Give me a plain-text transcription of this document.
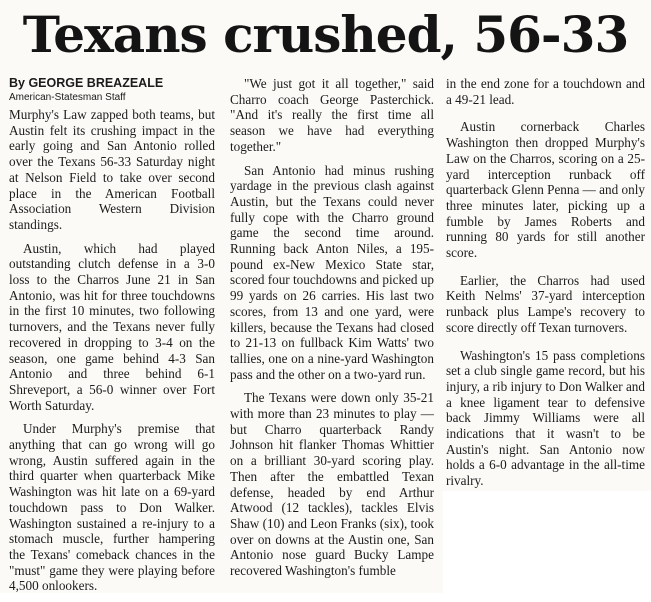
Texans crushed, 56-33

By GEORGE BREAZEALE

American-Statesman Staff

Murphy's Law zapped both teams, but Austin felt its crushing impact in the early going and San Antonio rolled over the Texans 56-33 Saturday night at Nelson Field to take over second place in the American Football Association Western Division standings.

Austin, which had played outstanding clutch defense in a 3-0 loss to the Charros June 21 in San Antonio, was hit for three touchdowns in the first 10 minutes, two following turnovers, and the Texans never fully recovered in dropping to 3-4 on the season, one game behind 4-3 San Antonio and three behind 6-1 Shreveport, a 56-0 winner over Fort Worth Saturday.

Under Murphy's premise that anything that can go wrong will go wrong, Austin suffered again in the third quarter when quarterback Mike Washington was hit late on a 69-yard touchdown pass to Don Walker. Washington sustained a re-injury to a stomach muscle, further hampering the Texans' comeback chances in the "must" game they were playing before 4,500 onlookers.

"We just got it all together," said Charro coach George Pasterchick. "And it's really the first time all season we have had everything together."

San Antonio had minus rushing yardage in the previous clash against Austin, but the Texans could never fully cope with the Charro ground game the second time around. Running back Anton Niles, a 195-pound ex-New Mexico State star, scored four touchdowns and picked up 99 yards on 26 carries. His last two scores, from 13 and one yard, were killers, because the Texans had closed to 21-13 on fullback Kim Watts' two tallies, one on a nine-yard Washington pass and the other on a two-yard run.

The Texans were down only 35-21 with more than 23 minutes to play — but Charro quarterback Randy Johnson hit flanker Thomas Whittier on a brilliant 30-yard scoring play. Then after the embattled Texan defense, headed by end Arthur Atwood (12 tackles), tackles Elvis Shaw (10) and Leon Franks (six), took over on downs at the Austin one, San Antonio nose guard Bucky Lampe recovered Washington's fumble

in the end zone for a touchdown and a 49-21 lead.

Austin cornerback Charles Washington then dropped Murphy's Law on the Charros, scoring on a 25-yard interception runback off quarterback Glenn Penna — and only three minutes later, picking up a fumble by James Roberts and running 80 yards for still another score.

Earlier, the Charros had used Keith Nelms' 37-yard interception runback plus Lampe's recovery to score directly off Texan turnovers.

Washington's 15 pass completions set a club single game record, but his injury, a rib injury to Don Walker and a knee ligament tear to defensive back Jimmy Williams were all indications that it wasn't to be Austin's night. San Antonio now holds a 6-0 advantage in the all-time rivalry.
